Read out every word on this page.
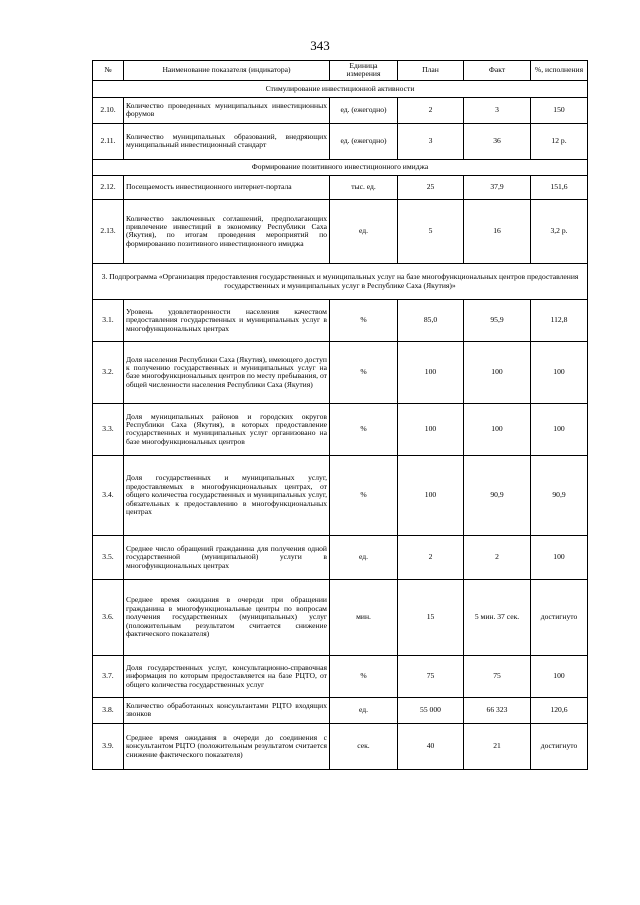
343
№	Наименование показателя (индикатора)	Единица измерения	План	Факт	%, исполнения
Стимулирование инвестиционной активности					
2.10.	Количество проведенных муниципальных инвестиционных форумов	ед. (ежегодно)	2	3	150
2.11.	Количество муниципальных образований, внедряющих муниципальный инвестиционный стандарт	ед. (ежегодно)	3	36	12 р.
Формирование позитивного инвестиционного имиджа					
2.12.	Посещаемость инвестиционного интернет-портала	тыс. ед.	25	37,9	151,6
2.13.	Количество заключенных соглашений, предполагающих привлечение инвестиций в экономику Республики Саха (Якутия), по итогам проведения мероприятий по формированию позитивного инвестиционного имиджа	ед.	5	16	3,2 р.
3. Подпрограмма «Организация предоставления государственных и муниципальных услуг на базе многофункциональных центров предоставления государственных и муниципальных услуг в Республике Саха (Якутия)»					
3.1.	Уровень удовлетворенности населения качеством предоставления государственных и муниципальных услуг в многофункциональных центрах	%	85,0	95,9	112,8
3.2.	Доля населения Республики Саха (Якутия), имеющего доступ к получению государственных и муниципальных услуг на базе многофункциональных центров по месту пребывания, от общей численности населения Республики Саха (Якутия)	%	100	100	100
3.3.	Доля муниципальных районов и городских округов Республики Саха (Якутия), в которых предоставление государственных и муниципальных услуг организовано на базе многофункциональных центров	%	100	100	100
3.4.	Доля государственных и муниципальных услуг, предоставляемых в многофункциональных центрах, от общего количества государственных и муниципальных услуг, обязательных к предоставлению в многофункциональных центрах	%	100	90,9	90,9
3.5.	Среднее число обращений гражданина для получения одной государственной (муниципальной) услуги в многофункциональных центрах	ед.	2	2	100
3.6.	Среднее время ожидания в очереди при обращении гражданина в многофункциональные центры по вопросам получения государственных (муниципальных) услуг (положительным результатом считается снижение фактического показателя)	мин.	15	5 мин. 37 сек.	достигнуто
3.7.	Доля государственных услуг, консультационно-справочная информация по которым предоставляется на базе РЦТО, от общего количества государственных услуг	%	75	75	100
3.8.	Количество обработанных консультантами РЦТО входящих звонков	ед.	55 000	66 323	120,6
3.9.	Среднее время ожидания в очереди до соединения с консультантом РЦТО (положительным результатом считается снижение фактического показателя)	сек.	40	21	достигнуто
